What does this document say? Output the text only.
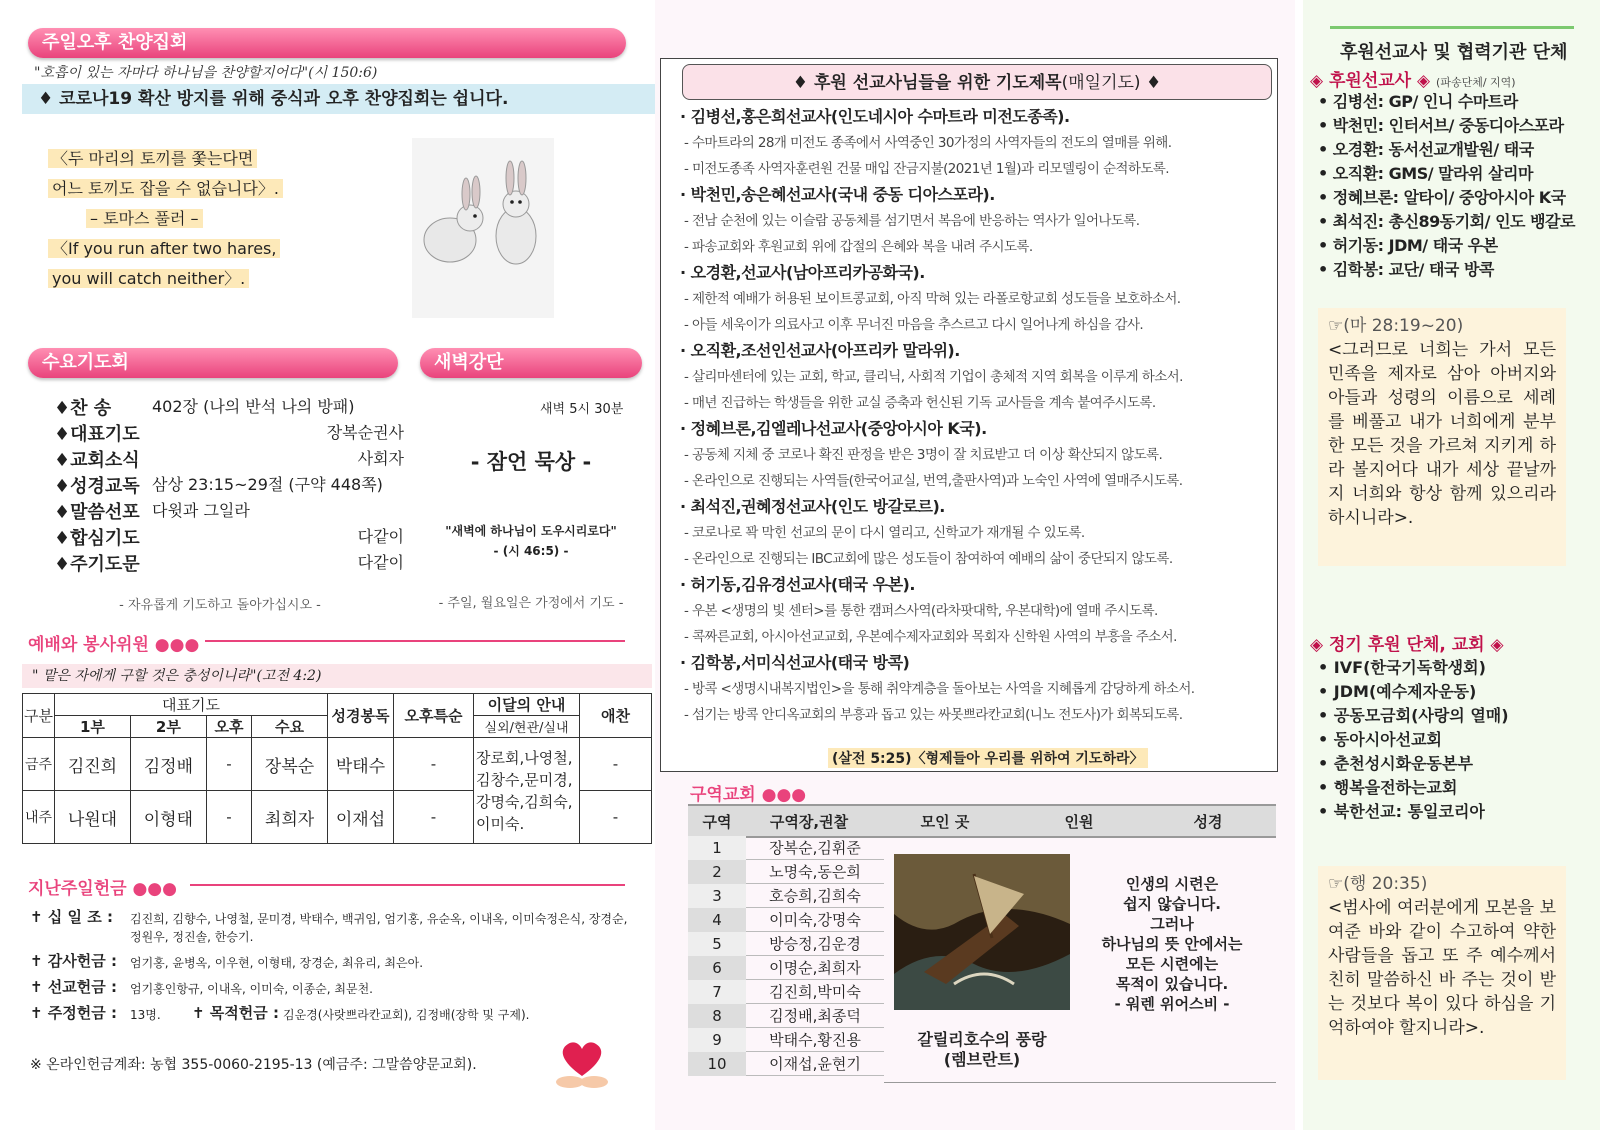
주일오후 찬양집회
"호흡이 있는 자마다 하나님을 찬양할지어다"(시 150:6)
♦ 코로나19 확산 방지를 위해 중식과 오후 찬양집회는 쉽니다.
〈두 마리의 토끼를 쫓는다면
어느 토끼도 잡을 수 없습니다〉.
– 토마스 풀러 –
〈If you run after two hares,
you will catch neither〉.
수요기도회	새벽강단
♦찬 송	402장 (나의 반석 나의 방패)
♦대표기도	장복순권사
♦교회소식	사회자
♦성경교독 삼상 23:15~29절 (구약 448쪽)
♦말씀선포 다윗과 그일라
♦합심기도	다같이
♦주기도문	다같이
- 자유롭게 기도하고 돌아가십시오 -
새벽 5시 30분
- 잠언 묵상 -
"새벽에 하나님이 도우시리로다"
- (시 46:5) -
- 주일, 월요일은 가정에서 기도 -
예배와 봉사위원 ●●●
" 맡은 자에게 구할 것은 충성이니라"(고전 4:2)
구분	대표기도				성경봉독	오후특순	이달의 안내	애찬
	1부	2부	오후	수요			실외/현관/실내	
금주	김진희	김정배	-	장복순	박태수	-	장로회,나영철, 김창수,문미경, 강명숙,김희숙, 이미숙.	-
내주	나원대	이형태	-	최희자	이재섭	-		-
지난주일헌금 ●●●
✝ 십 일 조 :	김진희, 김향수, 나영철, 문미경, 박태수, 백귀임, 엄기홍, 유순옥, 이내옥, 이미숙정은식, 장경순, 정원우, 정진솔, 한승기.
✝ 감사헌금 :	엄기홍, 윤병옥, 이우현, 이형태, 장경순, 최유리, 최은아.
✝ 선교헌금 :	엄기홍인항규, 이내옥, 이미숙, 이종순, 최문천.
✝ 주정헌금 :	13명.	✝ 목적헌금 : 김운경(사랏쁘라칸교회), 김정배(장학 및 구제).
※ 온라인헌금계좌: 농협 355-0060-2195-13 (예금주: 그말씀양문교회).
♦ 후원 선교사님들을 위한 기도제목(매일기도) ♦
· 김병선,홍은희선교사(인도네시아 수마트라 미전도종족).
- 수마트라의 28개 미전도 종족에서 사역중인 30가정의 사역자들의 전도의 열매를 위해.
- 미전도종족 사역자훈련원 건물 매입 잔금지불(2021년 1월)과 리모델링이 순적하도록.
· 박천민,송은혜선교사(국내 중동 디아스포라).
- 전남 순천에 있는 이슬람 공동체를 섬기면서 복음에 반응하는 역사가 일어나도록.
- 파송교회와 후원교회 위에 갑절의 은혜와 복을 내려 주시도록.
· 오경환,선교사(남아프리카공화국).
- 제한적 예배가 허용된 보이트콩교회, 아직 막혀 있는 라폴로항교회 성도들을 보호하소서.
- 아들 세욱이가 의료사고 이후 무너진 마음을 추스르고 다시 일어나게 하심을 감사.
· 오직환,조선인선교사(아프리카 말라위).
- 살리마센터에 있는 교회, 학교, 클리닉, 사회적 기업이 총체적 지역 회복을 이루게 하소서.
- 매년 진급하는 학생들을 위한 교실 증축과 헌신된 기독 교사들을 계속 붙여주시도록.
· 정혜브론,김엘레나선교사(중앙아시아 K국).
- 공동체 지체 중 코로나 확진 판정을 받은 3명이 잘 치료받고 더 이상 확산되지 않도록.
- 온라인으로 진행되는 사역들(한국어교실, 번역,출판사역)과 노숙인 사역에 열매주시도록.
· 최석진,권혜정선교사(인도 방갈로르).
- 코로나로 꽉 막힌 선교의 문이 다시 열리고, 신학교가 재개될 수 있도록.
- 온라인으로 진행되는 IBC교회에 많은 성도들이 참여하여 예배의 삶이 중단되지 않도록.
· 허기동,김유경선교사(태국 우본).
- 우본 <생명의 빛 센터>를 통한 캠퍼스사역(라차팟대학, 우본대학)에 열매 주시도록.
- 콕짜른교회, 아시아선교교회, 우본예수제자교회와 목회자 신학원 사역의 부흥을 주소서.
· 김학봉,서미식선교사(태국 방콕)
- 방콕 <생명시내복지법인>을 통해 취약계층을 돌아보는 사역을 지혜롭게 감당하게 하소서.
- 섬기는 방콕 안디옥교회의 부흥과 돕고 있는 싸못쁘라칸교회(니노 전도사)가 회복되도록.
(살전 5:25)〈형제들아 우리를 위하여 기도하라〉
구역교회 ●●●
구역	구역장,권찰	모인 곳	인원	성경
1	장복순,김휘준
2	노명숙,동은희
3	호승희,김희숙
4	이미숙,강명숙
5	방승정,김운경
6	이명순,최희자
7	김진희,박미숙
8	김정배,최종덕
9	박태수,황진용
10	이재섭,윤현기
갈릴리호수의 풍랑
(렘브란트)
인생의 시련은
쉽지 않습니다.
그러나
하나님의 뜻 안에서는
모든 시련에는
목적이 있습니다.
- 워렌 위어스비 -
후원선교사 및 협력기관 단체
◈ 후원선교사 ◈ (파송단체/ 지역)
• 김병선: GP/ 인니 수마트라
• 박천민: 인터서브/ 중동디아스포라
• 오경환: 동서선교개발원/ 태국
• 오직환: GMS/ 말라위 살리마
• 정혜브론: 알타이/ 중앙아시아 K국
• 최석진: 총신89동기회/ 인도 뱅갈로
• 허기동: JDM/ 태국 우본
• 김학봉: 교단/ 태국 방콕
☞(마 28:19~20)
<그러므로 너희는 가서 모든 민족을 제자로 삼아 아버지와 아들과 성령의 이름으로 세례를 베풀고 내가 너희에게 분부한 모든 것을 가르쳐 지키게 하라 볼지어다 내가 세상 끝날까지 너희와 항상 함께 있으리라 하시니라>.
◈ 정기 후원 단체, 교회 ◈
• IVF(한국기독학생회)
• JDM(예수제자운동)
• 공동모금회(사랑의 열매)
• 동아시아선교회
• 춘천성시화운동본부
• 행복을전하는교회
• 북한선교: 통일코리아
☞(행 20:35)
<범사에 여러분에게 모본을 보여준 바와 같이 수고하여 약한 사람들을 돕고 또 주 예수께서 친히 말씀하신 바 주는 것이 받는 것보다 복이 있다 하심을 기억하여야 할지니라>.
